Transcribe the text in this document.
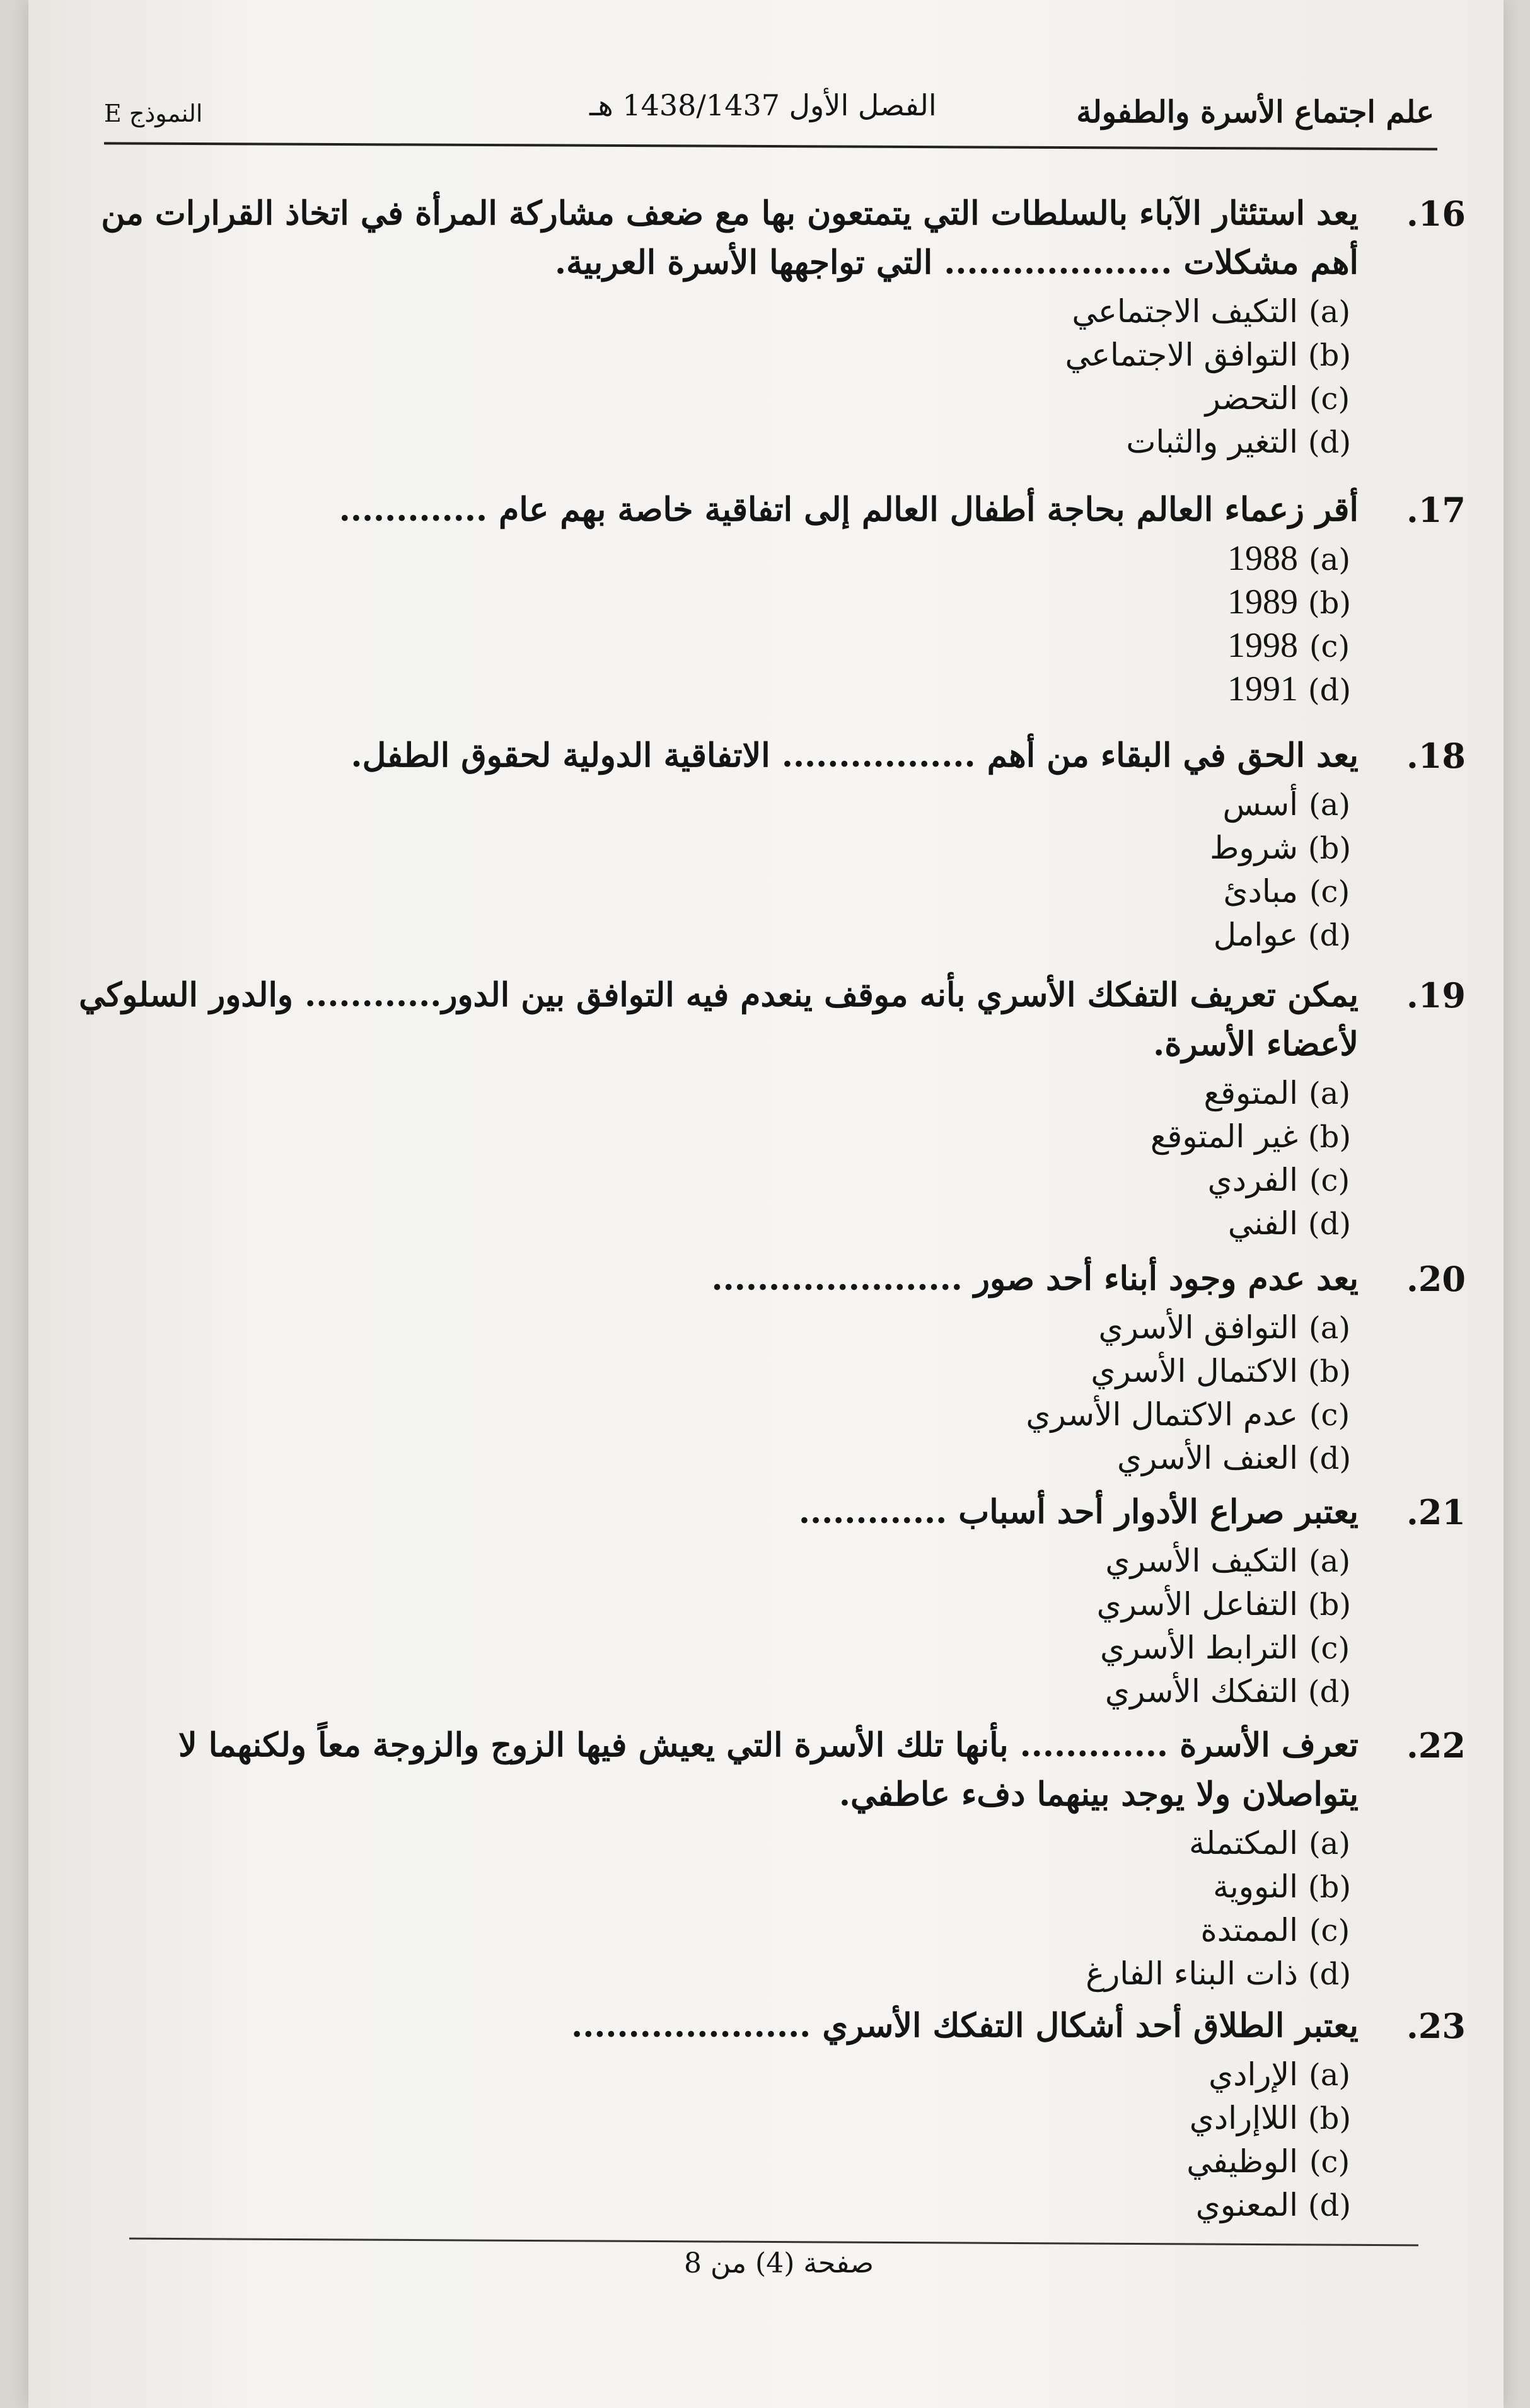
علم اجتماع الأسرة والطفولة
الفصل الأول 1438/1437 هـ
النموذج E
.16
يعد استئثار الآباء بالسلطات التي يتمتعون بها مع ضعف مشاركة المرأة في اتخاذ القرارات من أهم مشكلات .................... التي تواجهها الأسرة العربية.
(a)التكيف الاجتماعي
(b)التوافق الاجتماعي
(c)التحضر
(d)التغير والثبات
.17
أقر زعماء العالم بحاجة أطفال العالم إلى اتفاقية خاصة بهم عام .............
(a)1988
(b)1989
(c)1998
(d)1991
.18
يعد الحق في البقاء من أهم ................. الاتفاقية الدولية لحقوق الطفل.
(a)أسس
(b)شروط
(c)مبادئ
(d)عوامل
.19
يمكن تعريف التفكك الأسري بأنه موقف ينعدم فيه التوافق بين الدور............ والدور السلوكي لأعضاء الأسرة.
(a)المتوقع
(b)غير المتوقع
(c)الفردي
(d)الفني
.20
يعد عدم وجود أبناء أحد صور ......................
(a)التوافق الأسري
(b)الاكتمال الأسري
(c)عدم الاكتمال الأسري
(d)العنف الأسري
.21
يعتبر صراع الأدوار أحد أسباب .............
(a)التكيف الأسري
(b)التفاعل الأسري
(c)الترابط الأسري
(d)التفكك الأسري
.22
تعرف الأسرة ............. بأنها تلك الأسرة التي يعيش فيها الزوج والزوجة معاً ولكنهما لا يتواصلان ولا يوجد بينهما دفء عاطفي.
(a)المكتملة
(b)النووية
(c)الممتدة
(d)ذات البناء الفارغ
.23
يعتبر الطلاق أحد أشكال التفكك الأسري .....................
(a)الإرادي
(b)اللاإرادي
(c)الوظيفي
(d)المعنوي
صفحة (4) من 8
